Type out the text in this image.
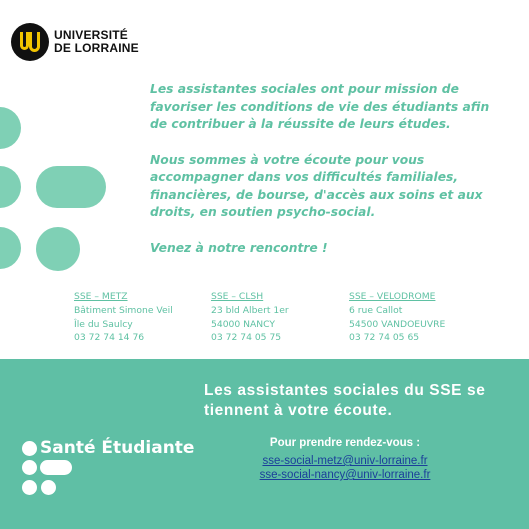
UNIVERSITÉ
DE LORRAINE

Les assistantes sociales ont pour mission de favoriser les conditions de vie des étudiants afin de contribuer à la réussite de leurs études.

Nous sommes à votre écoute pour vous accompagner dans vos difficultés familiales, financières, de bourse, d'accès aux soins et aux droits, en soutien psycho-social.

Venez à notre rencontre !

SSE – METZ
Bâtiment Simone Veil
Île du Saulcy
03 72 74 14 76
SSE – CLSH
23 bld Albert 1er
54000 NANCY
03 72 74 05 75
SSE – VELODROME
6 rue Callot
54500 VANDOEUVRE
03 72 74 05 65
Santé Étudiante
Les assistantes sociales du SSE se tiennent à votre écoute.
Pour prendre rendez-vous :
sse-social-metz@univ-lorraine.fr
sse-social-nancy@univ-lorraine.fr
